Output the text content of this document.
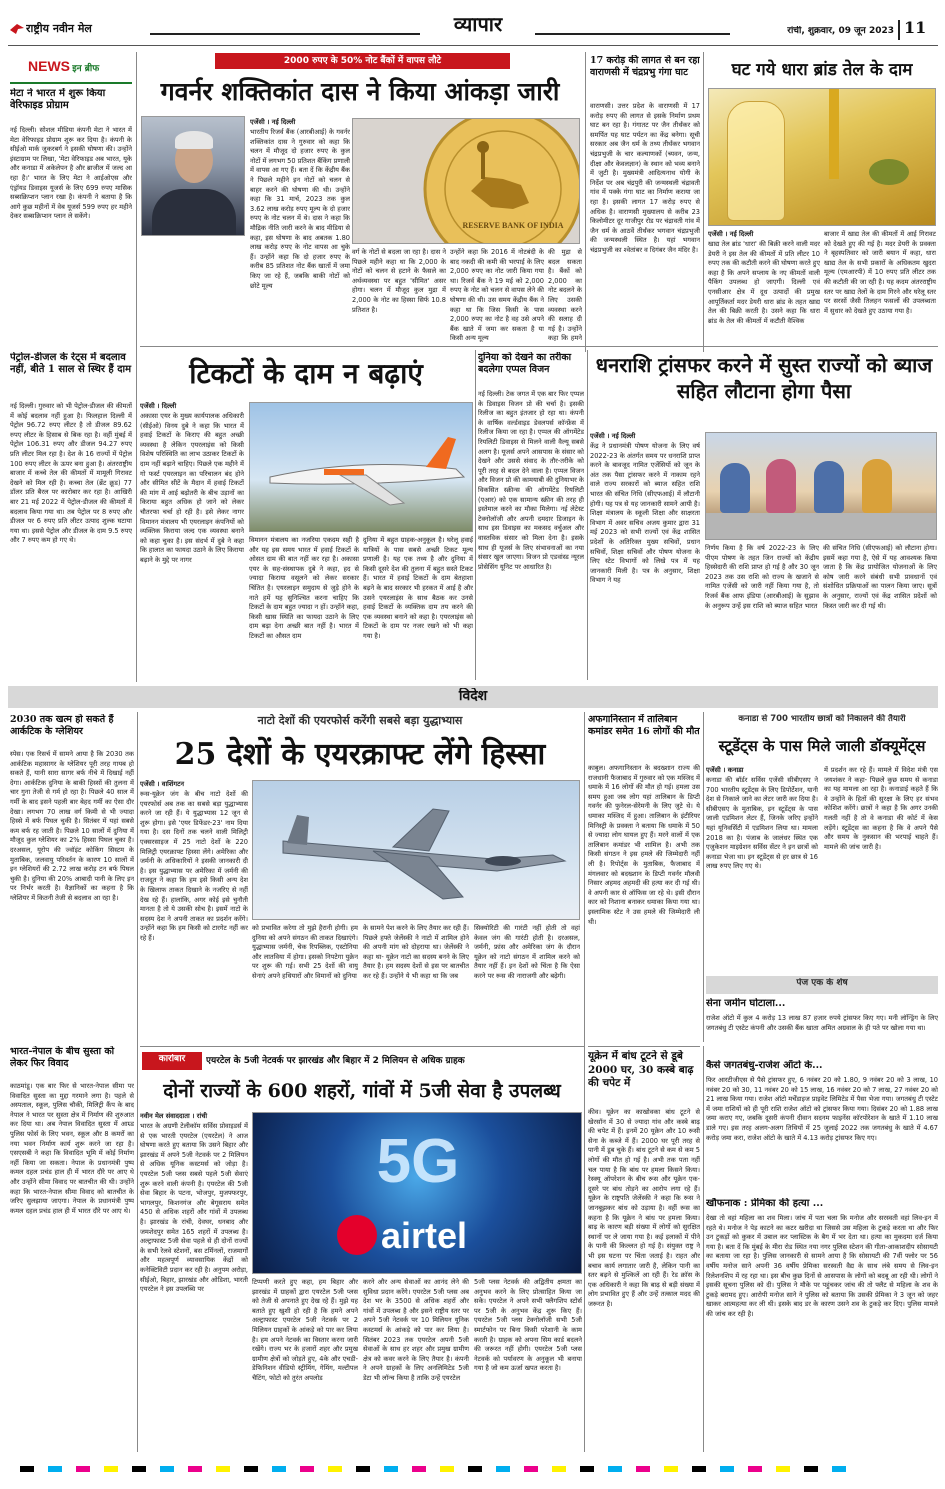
राष्ट्रीय नवीन मेल	व्यापार	रांची, शुक्रवार, 09 जून 2023 11
NEWS इन ब्रीफ
मेटा ने भारत में शुरू किया वेरिफाइड प्रोग्राम
नई दिल्ली। सोशल मीडिया कंपनी मेटा ने भारत में मेटा वेरिफाइड प्रोग्राम शुरू कर दिया है। कंपनी के सीईओ मार्क जुकरबर्ग ने इसकी घोषणा की। उन्होंने इंस्टाग्राम पर लिखा, 'मेटा वेरिफाइड अब भारत, यूके और कनाडा में अकेलेपन है और ब्राजील में जल्द आ रहा है।' भारत के लिए मेटा ने आईओएस और एंड्रॉयड डिवाइस यूजर्स के लिए 699 रुपए मासिक सब्सक्रिप्शन प्लान रखा है। कंपनी ने बताया है कि आगे कुछ महीनों में वेब यूजर्स 599 रुपए हर महीने देकर सब्सक्रिप्शन प्लान ले सकेंगे।
पेट्रोल-डीजल के रेट्स में बदलाव नहीं, बीते 1 साल से स्थिर हैं दाम
नई दिल्ली। गुरुवार को भी पेट्रोल-डीजल की कीमतों में कोई बदलाव नहीं हुआ है। फिलहाल दिल्ली में पेट्रोल 96.72 रुपए लीटर है तो डीजल 89.62 रुपए लीटर के हिसाब से बिक रहा है। वहीं मुंबई में पेट्रोल 106.31 रुपए और डीजल 94.27 रुपए प्रति लीटर मिल रहा है। देश के 16 राज्यों में पेट्रोल 100 रुपए लीटर के ऊपर बना हुआ है। अंतरराष्ट्रीय बाजार में कच्चे तेल की कीमतों में मामूली गिरावट देखने को मिल रही है। कच्चा तेल (ब्रेंट क्रूड) 77 डॉलर प्रति बैरल पर कारोबार कर रहा है। आखिरी बार 21 मई 2022 में पेट्रोल-डीजल की कीमतों में बदलाव किया गया था। तब पेट्रोल पर 8 रुपए और डीजल पर 6 रुपए प्रति लीटर उत्पाद शुल्क घटाया गया था। इससे पेट्रोल और डीजल के दाम 9.5 रुपए और 7 रुपए कम हो गए थे।
2000 रुपए के 50% नोट बैंकों में वापस लौटे
गवर्नर शक्तिकांत दास ने किया आंकड़ा जारी
एजेंसी । नई दिल्ली
भारतीय रिजर्व बैंक (आरबीआई) के गवर्नर शक्तिकांत दास ने गुरुवार को कहा कि चलन में मौजूद दो हजार रुपए के कुल नोटों में लगभग 50 प्रतिशत बैंकिंग प्रणाली में वापस आ गए हैं। बता दें कि केंद्रीय बैंक ने पिछले महीने इन नोटों को चलन से बाहर करने की घोषणा की थी। उन्होंने कहा कि 31 मार्च, 2023 तक कुल 3.62 लाख करोड़ रुपए मूल्य के दो हजार रुपए के नोट चलन में थे। दास ने कहा कि मौद्रिक नीति जारी करने के बाद मीडिया से कहा, इस घोषणा के बाद अबतक 1.80 लाख करोड़ रुपए के नोट वापस आ चुके हैं। उन्होंने कहा कि दो हजार रुपए के करीब 85 प्रतिशत नोट बैंक खातों में जमा किए जा रहे हैं, जबकि बाकी नोटों को छोटे मूल्य
RESERVE BANK OF INDIA
वर्ग के नोटों से बदला जा रहा है। दास ने पिछले महीने कहा था कि 2,000 के नोटों को चलन से हटाने के फैसले का अर्थव्यवस्था पर बहुत 'सीमित' असर होगा। चलन में मौजूद कुल मुद्रा में 2,000 के नोट का हिस्सा सिर्फ 10.8 प्रतिशत है।
उन्होंने कहा कि 2016 में नोटबंदी के बाद नकदी की कमी की भरपाई के लिए 2,000 रुपए का नोट जारी किया गया था। रिजर्व बैंक ने 19 मई को 2,000 रुपए के नोट को चलन से वापस लेने की घोषणा की थी। उस समय केंद्रीय बैंक ने कहा था कि जिस किसी के पास 2,000 रुपए का नोट है वह उसे अपने बैंक खाते में जमा कर सकता है या किसी अन्य मूल्य
की मुद्रा से बदल सकता है। बैंकों को 2,000 का नोट बदलने के लिए उसकी व्यवस्था करने की सलाह दी गई है। उन्होंने कहा कि हमने
17 करोड़ की लागत से बन रहा वाराणसी में चंद्रप्रभु गंगा घाट
वाराणसी। उत्तर प्रदेश के वाराणसी में 17 करोड़ रुपए की लागत से इसके निर्माण प्रथम घाट बन रहा है। गंगातट पर जैन तीर्थंकर को समर्पित यह घाट पर्यटन का केंद्र बनेगा। सूची सरकार अब जैन धर्म के तथ्य तीर्थंकर भगवान चंद्रप्रभुजी के चार कल्याणकों (च्यवन, जन्म, दीक्षा और केवलज्ञान) के स्थान को भव्य बनाने में जुटी है। मुख्यमंत्री आदित्यनाथ योगी के निर्देश पर अब चंद्रपुरी की जन्मस्थली चंद्रावती गांव में पक्के गंगा घाट का निर्माण कराया जा रहा है। इसकी लागत 17 करोड़ रुपए से अधिक है। वाराणसी मुख्यालय से करीब 23 किलोमीटर दूर गाजीपुर रोड पर चंद्रावती गांव में जैन धर्म के आठवें तीर्थंकर भगवान चंद्रप्रभुजी की जन्मस्थली स्थित है। यहां भगवान चंद्रप्रभुजी का श्वेतांबर व दिगंबर जैन मंदिर है।
घट गये धारा ब्रांड तेल के दाम
एजेंसी । नई दिल्ली
खाद्य तेल ब्रांड 'धारा' की बिक्री करने वाली मदर डेयरी ने इस तेल की कीमतों में प्रति लीटर 10 रुपए तक की कटौती करने की घोषणा करते हुए कहा है कि अपने सप्लाय के नए कीमतों वाली पैकिंग उपलब्ध हो जाएगी। दिल्ली एवं एनसीआर क्षेत्र में दूध उत्पादों की प्रमुख आपूर्तिकर्ता मदर डेयरी धारा ब्रांड के तहत खाद्य तेल की बिक्री करती है। उसने कहा कि धारा ब्रांड के तेल की कीमतों में कटौती वैश्विक
बाजार में खाद्य तेल की कीमतों में आई गिरावट को देखते हुए की गई है। मदर डेयरी के प्रवक्ता ने बृहस्पतिवार को जारी बयान में कहा, धारा खाद्य तेल के सभी प्रकारों के अधिकतम खुदरा मूल्य (एमआरपी) में 10 रुपए प्रति लीटर तक की कटौती की जा रही है। यह कदम अंतरराष्ट्रीय स्तर पर खाद्य तेलों के दाम गिरने और घरेलू स्तर पर सरसों जैसी तिलहन फसलों की उपलब्धता में सुधार को देखते हुए उठाया गया है।
टिकटों के दाम न बढ़ाएं
एजेंसी । दिल्ली
अकासा एयर के मुख्य कार्यपालक अधिकारी (सीईओ) विनय दुबे ने कहा कि भारत में हवाई टिकटों के किराए की बहुत अच्छी व्यवस्था है लेकिन एयरलाइंस को किसी विशेष परिस्थिति का लाभ उठाकर टिकटों के दाम नहीं बढ़ाने चाहिए। पिछले एक महीने में गो फर्स्ट एयरलाइन का परिचालन बंद होने और सीमित सीटें के मैदान में हवाई टिकटों की मांग में आई बढ़ोतरी के बीच उड़ानों का किराया बहुत अधिक हो जाने को लेकर चौतरफा चर्चा हो रही है। इसे लेकर नागर विमानन मंत्रालय भी एयरलाइन कंपनियों को व्यक्तिक किराया जल्द एक व्यवस्था बनाने को कहा चुका है। इस संदर्भ में दुबे ने कहा कि हालात का फायदा उठाने के लिए किराया बढ़ाने के मुद्दे पर नागर
विमानन मंत्रालय का नजरिया एकदम सही है और यह इस समय भारत में हवाई टिकटों के ओसत दाम की बात नहीं कर रहा है। अकासा एयर के सह-संस्थापक दुबे ने कहा, हद से ज्यादा किराया वसूलने को लेकर सरकार चिंतित है। एयरलाइन समुदाय से जुड़े होने के नाते हमें यह सुनिश्चित करना चाहिए कि टिकटों के दाम बहुत ज्यादा न हों। उन्होंने कहा, किसी खास स्थिति का फायदा उठाने के लिए दाम बढ़ा देना अच्छी बात नहीं है। भारत में टिकटों का औसत दाम
दुनिया में बहुत ग्राहक-अनुकूल है। घरेलू हवाई यात्रियों के पास सबसे अच्छी टिकट मूल्य प्रणाली है। यह एक तथ्य है और दुनिया में किसी दूसरे देश की तुलना में बहुत सस्ते टिकट हैं। भारत में हवाई टिकटों के दाम बेतहाशा बढ़ने के बाद सरकार भी हरकत में आई है और उसने एयरलाइंस के साथ बैठक कर उनसे हवाई टिकटों के व्यक्तिक दाम तय करने की एक व्यवस्था बनाने को कहा है। एयरलाइंस को टिकटों के दाम पर नजर रखने को भी कहा गया है।
दुनिया को देखने का तरीका बदलेगा एप्पल विजन
नई दिल्ली। टेक जगत में एक बार फिर एप्पल के डिवाइस विजन प्रो की चर्चा है। इसकी रिलीज का बहुत इंतजार हो रहा था। कंपनी के वार्षिक वर्ल्डवाइड डेवलपर्स कॉन्फ्रेंस में रिलीज किया जा रहा है। एप्पल की ऑगमेंटेड रियलिटी डिवाइस से मिलने वाली वैल्यू सबसे अलग है। यूजर्स अपने आसपास के संसार को देखने और उससे संवाद के तौर-तरीके को पूरी तरह से बदल देने वाला है। एप्पल विजन और विजन प्रो की कामयाबी की दुनियाभर के विकसित स्क्रीन्स की ऑगमेंटेड रियलिटी (एआर) को एक सामान्य स्क्रीन की तरह ही इस्तेमाल करने का मौका मिलेगा। नई लेटेस्ट टेक्नोलॉजी और अपनी दमदार डिजाइन के साथ इस डिवाइस का मकसद वर्चुअल और वास्तविक संसार को मिला देना है। इसके साथ ही यूजर्स के लिए संभावनाओं का नया संसार खुल जाएगा। विजन प्रो एडवांस्ड न्यूरल प्रोसेसिंग यूनिट पर आधारित है।
धनराशि ट्रांसफर करने में सुस्त राज्यों को ब्याज सहित लौटाना होगा पैसा
एजेंसी । नई दिल्ली
केंद्र ने प्रधानमंत्री पोषण योजना के लिए वर्ष 2022-23 के अंतर्गत समय पर धनराशि प्राप्त करने के बावजूद नामित एजेंसियों को जून के अंत तक पैसा ट्रांसफर करने में नाकाम रहने वाले राज्य सरकारों को ब्याज सहित राशि भारत की संचित निधि (सीएफआई) में लौटानी होगी। यह पत्र से यह जानकारी सामने आयी है। शिक्षा मंत्रालय के स्कूली शिक्षा और साक्षरता विभाग में अवर सचिव अजय कुमार द्वारा 31 मई 2023 को सभी राज्यों एवं केंद्र शासित प्रदेशों के अतिरिक्त मुख्य सचिवों, प्रधान सचिवों, शिक्षा सचिवों और पोषण योजना के लिए स्टेट विभागों को लिखे पत्र में यह जानकारी मिली है। पत्र के अनुसार, शिक्षा विभाग ने यह
निर्णय किया है कि वर्ष 2022-23 के लिए पीएम पोषण के तहत जिन राज्यों को केंद्रीय हिस्सेदारी की राशि प्राप्त हो गई है और 30 जून 2023 तक उस राशि को राज्य के खजाने से नामित एजेंसी को जारी नहीं किया गया है, तो रिजर्व बैंक आफ इंडिया (आरबीआई) के सुझाव के अनुरूप उन्हें इस राशि को ब्याज सहित भारत
की संचित निधि (सीएफआई) को लौटाना होगा। इसमें कहा गया है, ऐसे में यह आवश्यक किया जाता है कि केंद्र प्रायोजित योजनाओं के लिए कोष जारी करने संबंधी सभी प्रावधानों एवं संशोधित प्रक्रियाओं का पालन किया जाए। सूत्रों के अनुसार, राज्यों एवं केंद्र शासित प्रदेशों को किस्त जारी कर दी गई थी।
विदेश
2030 तक खत्म हो सकते हैं आर्कटिक के ग्लेशियर
स्पेस। एक रिसर्च में सामने आया है कि 2030 तक आर्कटिक महासागर के ग्लेशियर पूरी तरह गायब हो सकते हैं, यानी सारा सागर बर्फ नीचे में दिखाई नहीं देगा। आर्कटिक दुनिया के बाकी हिस्सों की तुलना में चार गुना तेजी से गर्म हो रहा है। पिछले 40 साल में गर्मी के बाद इसने पहली बार बेहद गर्मी का ऐसा दौर देखा। लगभग 70 लाख वर्ग किमी से भी ज्यादा हिस्से में बर्फ पिघल चुकी है। सितंबर में यहां सबसे कम बर्फ रह जाती है। पिछले 10 सालों में दुनिया में मौजूद कुल ग्लेशियर का 2% हिस्सा पिघल चुका है। दरअसल, यूरोप की ज्वॉइंट कोकिंग सिस्टम के मुताबिक, जलवायु परिवर्तन के कारण 10 सालों में इन ग्लेशियरों की 2.72 लाख करोड़ टन बर्फ पिघल चुकी है। दुनिया की 20% आबादी पानी के लिए इन पर निर्भर करती है। वैज्ञानिकों का कहना है कि ग्लेशियर में कितनी तेजी से बदलाव आ रहा है।
भारत-नेपाल के बीच सुस्ता को लेकर फिर विवाद
काठमांडू। एक बार फिर से भारत-नेपाल सीमा पर विवादित सुस्ता का मुद्दा गरमाने लगा है। पहले से अस्पताल, स्कूल, पुलिस चौकी, मिलिट्री कैंप के बाद नेपाल ने भारत पर सुस्ता क्षेत्र में निर्माण की शुरुआत कर दिया था। अब नेपाल विवादित सुस्ता में आम्र्ड पुलिस फोर्स के लिए भवन, स्कूल और 8 कमरों का नया भवन निर्माण कार्य शुरू करने जा रहा है। एसएसबी ने कहा कि विवादित भूमि में कोई निर्माण नहीं किया जा सकता। नेपाल के प्रधानमंत्री पुष्प कमल दहल प्रचंड हाल ही में भारत दौरे पर आए थे और उन्होंने सीमा विवाद पर बातचीत की थी। उन्होंने कहा कि भारत-नेपाल सीमा विवाद को बातचीत के जरिए सुलझाया जाएगा। नेपाल के प्रधानमंत्री पुष्प कमल दहल प्रचंड हाल ही में भारत दौरे पर आए थे।
नाटो देशों की एयरफोर्स करेंगी सबसे बड़ा युद्धाभ्यास
25 देशों के एयरक्राफ्ट लेंगे हिस्सा
एजेंसी । वाशिंगटन
रूस-यूक्रेन जंग के बीच नाटो देशों की एयरफोर्स अब तक का सबसे बड़ा युद्धाभ्यास करने जा रही हैं। ये युद्धाभ्यास 12 जून से शुरू होगा। इसे 'एयर डिफेंडर-23' नाम दिया गया है। दस दिनों तक चलने वाली मिलिट्री एक्सरसाइज में 25 नाटो देशों के 220 मिलिट्री एयरक्राफ्ट हिस्सा लेंगे। अमेरिका और जर्मनी के अधिकारियों ने इसकी जानकारी दी है। इस युद्धाभ्यास पर अमेरिका में जर्मनी की राजदूत ने कहा कि हम इसे किसी अन्य देश के खिलाफ ताकत दिखाने के नजरिए से नहीं देख रहे हैं। हालांकि, अगर कोई इसे चुनौती मानता है तो ये उसकी सोच है। इसमें नाटो के सदस्य देश ने अपनी ताकत का प्रदर्शन करेंगे। उन्होंने कहा कि हम किसी को टारगेट नहीं कर रहे हैं।
को प्रभावित करेगा तो मुझे हैरानी होगी। हम दुनिया को अपने संगठन की ताकत दिखाएंगे। युद्धाभ्यास जर्मनी, चेक रिपब्लिक, एस्टोनिया और लातविया में होगा। इसको निपटेगा युक्रेन पर शुरू की गई। सभी 25 देशों की वायु सेनाएं अपने हथियारों और विमानों को दुनिया
के सामने पेश करने के लिए तैयार कर रही हैं। पिछले हफ्ते जेलेंस्की ने नाटो में शामिल होने की अपनी मांग को दोहराया था। जेलेंस्की ने कहा था- यूक्रेन नाटो का सदस्य बनने के लिए तैयार है। हम सदस्य देशों से इस पर बातचीत कर रहे हैं। उन्होंने ये भी कहा था कि जब
सिक्योरिटी की गारंटी नहीं होती तो वहां केवल जंग की गारंटी होती है। दरअसल, जर्मनी, फ्रांस और अमेरिका जंग के दौरान यूक्रेन को नाटो संगठन में शामिल करने को तैयार नहीं हैं। इन देशों को चिंता है कि ऐसा करने पर रूस की नाराजगी और बढ़ेगी।
अफगानिस्तान में तालिबान कमांडर समेत 16 लोगों की मौत
काबुल। अफगानिस्तान के बदख्शान राज्य की राजधानी फैजाबाद में गुरुवार को एक मस्जिद में धमाके में 16 लोगों की मौत हो गई। हमला उस समय हुआ जब लोग यहां तालिबान के डिप्टी गवर्नर की फुनेरल-सेरेमनी के लिए जुटे थे। ये धमाका मस्जिद में हुआ। तालिबान के इंटीरियर मिनिस्ट्री के प्रवक्ता ने बताया कि धमाके में 50 से ज्यादा लोग घायल हुए हैं। मरने वालों में एक तालिबान कमांडर भी शामिल है। अभी तक किसी संगठन ने इस हमले की जिम्मेदारी नहीं ली है। रिपोर्ट्स के मुताबिक, फैजाबाद में मंगलवार को बदख्शान के डिप्टी गवर्नर मौलवी निसार अहमद अहमदी की हत्या कर दी गई थी। वे अपनी कार से ऑफिस जा रहे थे। इसी दौरान कार को निशाना बनाकर धमाका किया गया था। इस्लामिक स्टेट ने उस हमले की जिम्मेदारी ली थी।
कनाडा से 700 भारतीय छात्रों को निकालने की तैयारी
स्टूडेंट्स के पास मिले जाली डॉक्यूमेंट्स
एजेंसी । कनाडा
कनाडा की बॉर्डर सर्विस एजेंसी सीबीएसए ने 700 भारतीय स्टूडेंट्स के लिए डिपोर्टेशन, यानी देश से निकाले जाने का लेटर जारी कर दिया है। सीबीएसए के मुताबिक, इन स्टूडेंट्स के पास जाली एडमिशन लेटर हैं, जिनके जरिए इन्होंने यहां यूनिवर्सिटी में एडमिशन लिया था। मामला 2018 का है। पंजाब के जालंधर स्थित एक एजुकेशन माइग्रेशन सर्विस सेंटर ने इन छात्रों को कनाडा भेजा था। इन स्टूडेंट्स से हर छात्र से 16 लाख रुपए लिए गए थे।
में प्रदर्शन कर रहे हैं। मामले में विदेश मंत्री एस जयशंकर ने कहा- पिछले कुछ समय से कनाडा का यह मामला आ रहा है। कनाडाई कहते हैं कि वे उन्होंने के हितों की सुरक्षा के लिए हर संभव कोशिश करेंगे। छात्रों ने कहा है कि अगर उनकी गलती नहीं है तो वे कनाडा की कोर्ट में केस लड़ेंगे। स्टूडेंट्स का कहना है कि वे अपने पैसे और समय के नुकसान की भरपाई चाहते हैं। मामले की जांच जारी है।
पेज एक के शेष
सेना जमीन घोटाला...
राजेश ऑटो में कुल 4 करोड़ 13 लाख 87 हजार रुपये ट्रांसफर किए गए। मनी लॉन्ड्रिंग के लिए जगतबंधु टी एस्टेट कंपनी और उसकी बैंक खाता अमित अग्रवाल के ही पते पर खोला गया था।
कैसे जगतबंधु-राजेश ऑटो के...
फिर आरटीजीएस से पैसे ट्रांसफर हुए, 6 नवंबर 20 को 1.80, 9 नवंबर 20 को 3 लाख, 10 नवंबर 20 को 30, 11 नवंबर 20 को 15 लाख, 16 नवंबर 20 को 7 लाख, 27 नवंबर 20 को 21 लाख किया गया। राजेश ऑटो मर्चेंडाइज प्राइवेट लिमिटेड में पैसा भेजा गया। जगतबंधु टी एस्टेट में जमा राशियों को ही पूरी राशि राजेश ऑटो को ट्रांसफर किया गया। दिसंबर 20 को 1.88 लाख जमा कराए गए, जबकि दूसरी कंपनी दीवान सदनम फाइनेंस कॉरपोरेशन के खाते में 1.10 लाख डाले गए। इस तरह अलग-अलग तिथियों में 25 जुलाई 2022 तक जगतबंधु के खाते में 4.67 करोड़ जमा करा, राजेश ऑटो के खाते में 4.13 करोड़ ट्रांसफर किए गए।
खौफनाक : प्रेमिका की हत्या ...
देखा तो वहां महिला का शव मिला। जांच में पता चला कि मनोज और सरस्वती वहां लिव-इन में रहते थे। मनोज ने पेड़ काटने का कटर खरीदा था जिससे उस महिला के टुकड़े करता था और फिर उन टुकड़ों को कुकर में उबाल कर प्लास्टिक के बैग में भर देता था। हत्या का मुकदमा दर्ज किया गया है। बता दें कि मुंबई के मीरा रोड स्थित नया नगर पुलिस स्टेशन की गीता-आकाशदीप सोसायटी का बताया जा रहा है। पुलिस जानकारी से सामने आया है कि सोसायटी की 7वीं फ्लोर पर 56 वर्षीय मनोज साने अपनी 36 वर्षीय प्रेमिका सरस्वती वैद्य के साथ लंबे समय से लिव-इन रिलेशनशिप में रह रहा था। इस बीच कुछ दिनों से आसपास के लोगों को बदबू आ रही थी। लोगों ने इसकी सूचना पुलिस को दी। पुलिस ने मौके पर पहुंचकर जांच की तो फ्लैट से महिला के शव के टुकड़े बरामद हुए। आरोपी मनोज साने ने पुलिस को बताया कि उसकी प्रेमिका ने 3 जून को जहर खाकर आत्महत्या कर ली थी। इसके बाद डर के कारण उसने शव के टुकड़े कर दिए। पुलिस मामले की जांच कर रही है।
कारोबार	एयरटेल के 5जी नेटवर्क पर झारखंड और बिहार में 2 मिलियन से अधिक ग्राहक
दोनों राज्यों के 600 शहरों, गांवों में 5जी सेवा है उपलब्ध
नवीन मेल संवाददाता । रांची
भारत के अग्रणी टेलीकॉम सर्विस प्रोवाइडर्स में से एक भारती एयरटेल (एयरटेल) ने आज घोषणा करते हुए बताया कि उसने बिहार और झारखंड में अपने 5जी नेटवर्क पर 2 मिलियन से अधिक यूनिक कस्टमर्स को जोड़ा है। एयरटेल 5जी प्लस सबसे पहले 5जी सेवाएं शुरू करने वाली कंपनी है। एयरटेल की 5जी सेवा बिहार के पटना, भोजपुर, मुजफ्फरपुर, भागलपुर, किशनगंज और बेगूसराय समेत 450 से अधिक शहरों और गांवों में उपलब्ध है। झारखंड के रांची, देवघर, धनबाद और जमशेदपुर समेत 165 शहरों में उपलब्ध है। अल्ट्राफास्ट 5जी सेवा पहले से ही दोनों राज्यों के सभी रेलवे स्टेशनों, बस टर्मिनलों, राजमार्गों और महत्वपूर्ण व्यावसायिक केंद्रों को कनेक्टिविटी प्रदान कर रही है। अनुपम अरोड़ा, सीईओ, बिहार, झारखंड और ओडिशा, भारती एयरटेल ने इस उपलब्धि पर
5G
airtel
टिप्पणी करते हुए कहा, हम बिहार और झारखंड में ग्राहकों द्वारा एयरटेल 5जी प्लस को तेजी से अपनाते हुए देख रहे हैं। मुझे यह बताते हुए खुशी हो रही है कि हमने अपने अल्ट्राफास्ट एयरटेल 5जी नेटवर्क पर 2 मिलियन ग्राहकों के आंकड़े को पार कर लिया है। हम अपने नेटवर्क का विस्तार करना जारी रखेंगे। राज्य भर के हजारों शहर और प्रमुख ग्रामीण क्षेत्रों को जोड़ते हुए, 4के और एचडी-डेफिनिशन वीडियो स्ट्रीमिंग, गेमिंग, मल्टीपल चैटिंग, फोटो को तुरंत अपलोड
करने और अन्य सेवाओं का आनंद लेने की सुविधा प्रदान करेंगे। एयरटेल 5जी प्लस अब देश भर के 3500 से अधिक शहरों और गांवों में उपलब्ध है और इसने राष्ट्रीय स्तर पर अपने 5जी नेटवर्क पर 10 मिलियन यूनिक कस्टमर्स के आंकड़े को पार कर लिया है। सितंबर 2023 तक एयरटेल अपनी 5जी सेवाओं के साथ हर शहर और प्रमुख ग्रामीण क्षेत्र को कवर करने के लिए तैयार है। कंपनी ने अपने ग्राहकों के लिए अनलिमिटेड 5जी डेटा भी लॉन्च किया है ताकि उन्हें एयरटेल
5जी प्लस नेटवर्क की अद्वितीय क्षमता का अनुभव करने के लिए प्रोत्साहित किया जा सके। एयरटेल ने अपने सभी फ्लैगशिप स्टोर्स पर 5जी के अनुभव केंद्र शुरू किए हैं। एयरटेल 5जी प्लस टेक्नोलॉजी सभी 5जी स्मार्टफोन पर बिना किसी परेशानी के काम करती है। ग्राहक को अपना सिम कार्ड बदलने की जरूरत नहीं होगी। एयरटेल 5जी प्लस नेटवर्क को पर्यावरण के अनुकूल भी बनाया गया है जो कम ऊर्जा खपत करता है।
यूक्रेन में बांध टूटने से डूबे 2000 घर, 30 कस्बे बाढ़ की चपेट में
कीव। यूक्रेन का काखोवका बांध टूटने से खेरसॉन में 30 से ज्यादा गांव और कस्बे बाढ़ की चपेट में हैं। इनमें 20 यूक्रेन और 10 रूसी सेना के कब्जे में हैं। 2000 घर पूरी तरह से पानी में डूब चुके हैं। बांध टूटने से कम से कम 5 लोगों की मौत हो गई है। अभी तक पता नहीं चल पाया है कि बांध पर हमला किसने किया। रेस्क्यू ऑपरेशन के बीच रूस और यूक्रेन एक-दूसरे पर बांध तोड़ने का आरोप लगा रहे हैं। यूक्रेन के राष्ट्रपति जेलेंस्की ने कहा कि रूस ने जानबूझकर बांध को उड़ाया है। वहीं रूस का कहना है कि यूक्रेन ने बांध पर हमला किया। बाढ़ के कारण बड़ी संख्या में लोगों को सुरक्षित स्थानों पर ले जाया गया है। कई इलाकों में पीने के पानी की किल्लत हो गई है। संयुक्त राष्ट्र ने भी इस घटना पर चिंता जताई है। राहत और बचाव कार्य लगातार जारी है, लेकिन पानी का स्तर बढ़ने से मुश्किलें आ रही हैं। रेड क्रॉस के एक अधिकारी ने कहा कि बाढ़ से बड़ी संख्या में लोग प्रभावित हुए हैं और उन्हें तत्काल मदद की जरूरत है।
